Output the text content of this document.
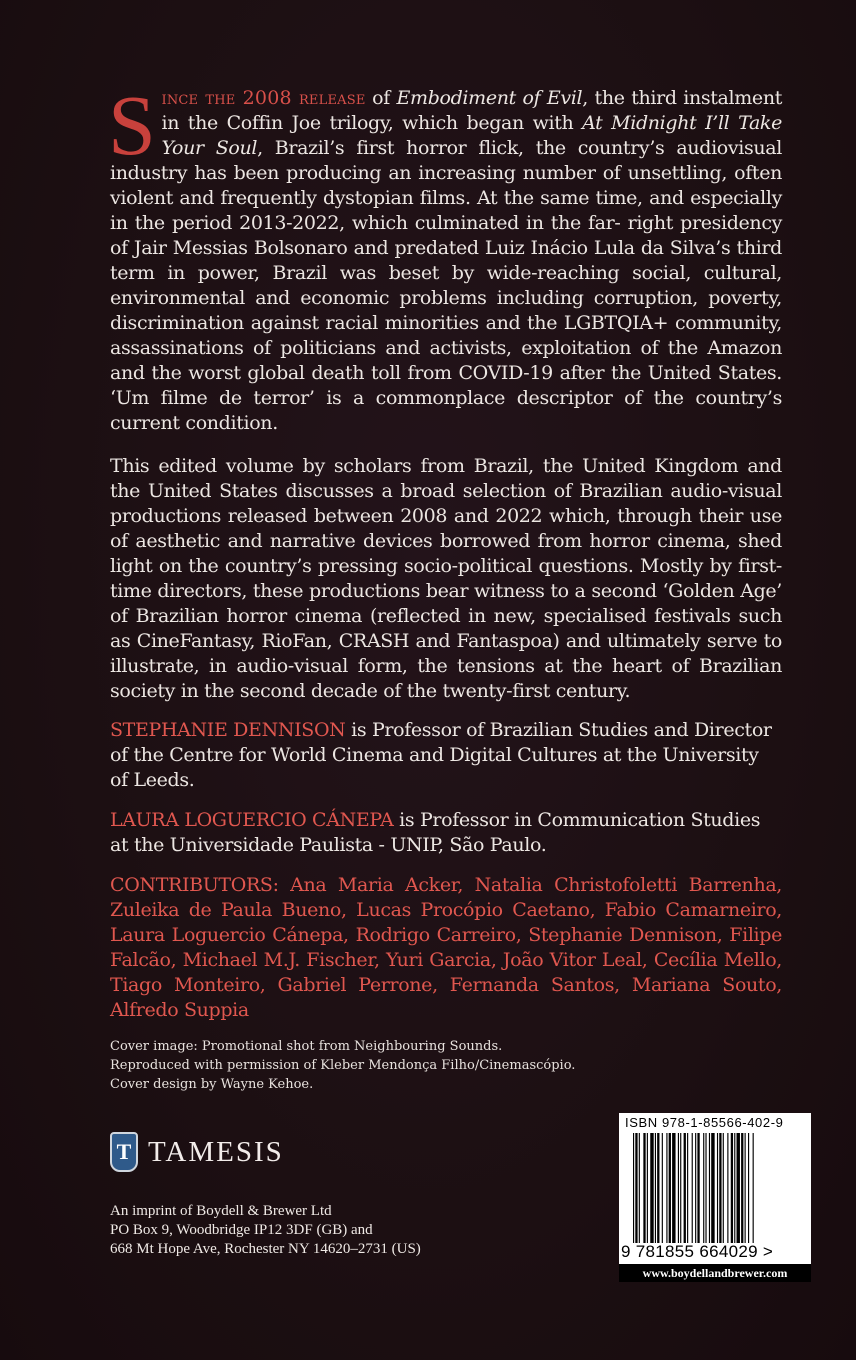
Since the 2008 release of Embodiment of Evil, the third instalment in the Coffin Joe trilogy, which began with At Midnight I’ll Take Your Soul, Brazil’s first horror flick, the country’s audiovisual industry has been producing an increasing number of unsettling, often violent and frequently dystopian films. At the same time, and especially in the period 2013-2022, which culminated in the far- right presidency of Jair Messias Bolsonaro and predated Luiz Inácio Lula da Silva’s third term in power, Brazil was beset by wide-reaching social, cultural, environmental and economic problems including corruption, poverty, discrimination against racial minorities and the LGBTQIA+ community, assassinations of politicians and activists, exploitation of the Amazon and the worst global death toll from COVID-19 after the United States. ‘Um filme de terror’ is a commonplace descriptor of the country’s current condition.

This edited volume by scholars from Brazil, the United Kingdom and the United States discusses a broad selection of Brazilian audio-visual productions released between 2008 and 2022 which, through their use of aesthetic and narrative devices borrowed from horror cinema, shed light on the country’s pressing socio-political questions. Mostly by first-time directors, these productions bear witness to a second ‘Golden Age’ of Brazilian horror cinema (reflected in new, specialised festivals such as CineFantasy, RioFan, CRASH and Fantaspoa) and ultimately serve to illustrate, in audio-visual form, the tensions at the heart of Brazilian society in the second decade of the twenty-first century.

STEPHANIE DENNISON is Professor of Brazilian Studies and Director of the Centre for World Cinema and Digital Cultures at the University of Leeds.

LAURA LOGUERCIO CÁNEPA is Professor in Communication Studies at the Universidade Paulista - UNIP, São Paulo.

CONTRIBUTORS: Ana Maria Acker, Natalia Christofoletti Barrenha, Zuleika de Paula Bueno, Lucas Procópio Caetano, Fabio Camarneiro, Laura Loguercio Cánepa, Rodrigo Carreiro, Stephanie Dennison, Filipe Falcão, Michael M.J. Fischer, Yuri Garcia, João Vitor Leal, Cecília Mello, Tiago Monteiro, Gabriel Perrone, Fernanda Santos, Mariana Souto, Alfredo Suppia

Cover image: Promotional shot from Neighbouring Sounds.
Reproduced with permission of Kleber Mendonça Filho/Cinemascópio.
Cover design by Wayne Kehoe.
T TAMESIS
An imprint of Boydell & Brewer Ltd
PO Box 9, Woodbridge IP12 3DF (GB) and
668 Mt Hope Ave, Rochester NY 14620–2731 (US)
ISBN 978-1-85566-402-9
9 781855 664029 >
www.boydellandbrewer.com
